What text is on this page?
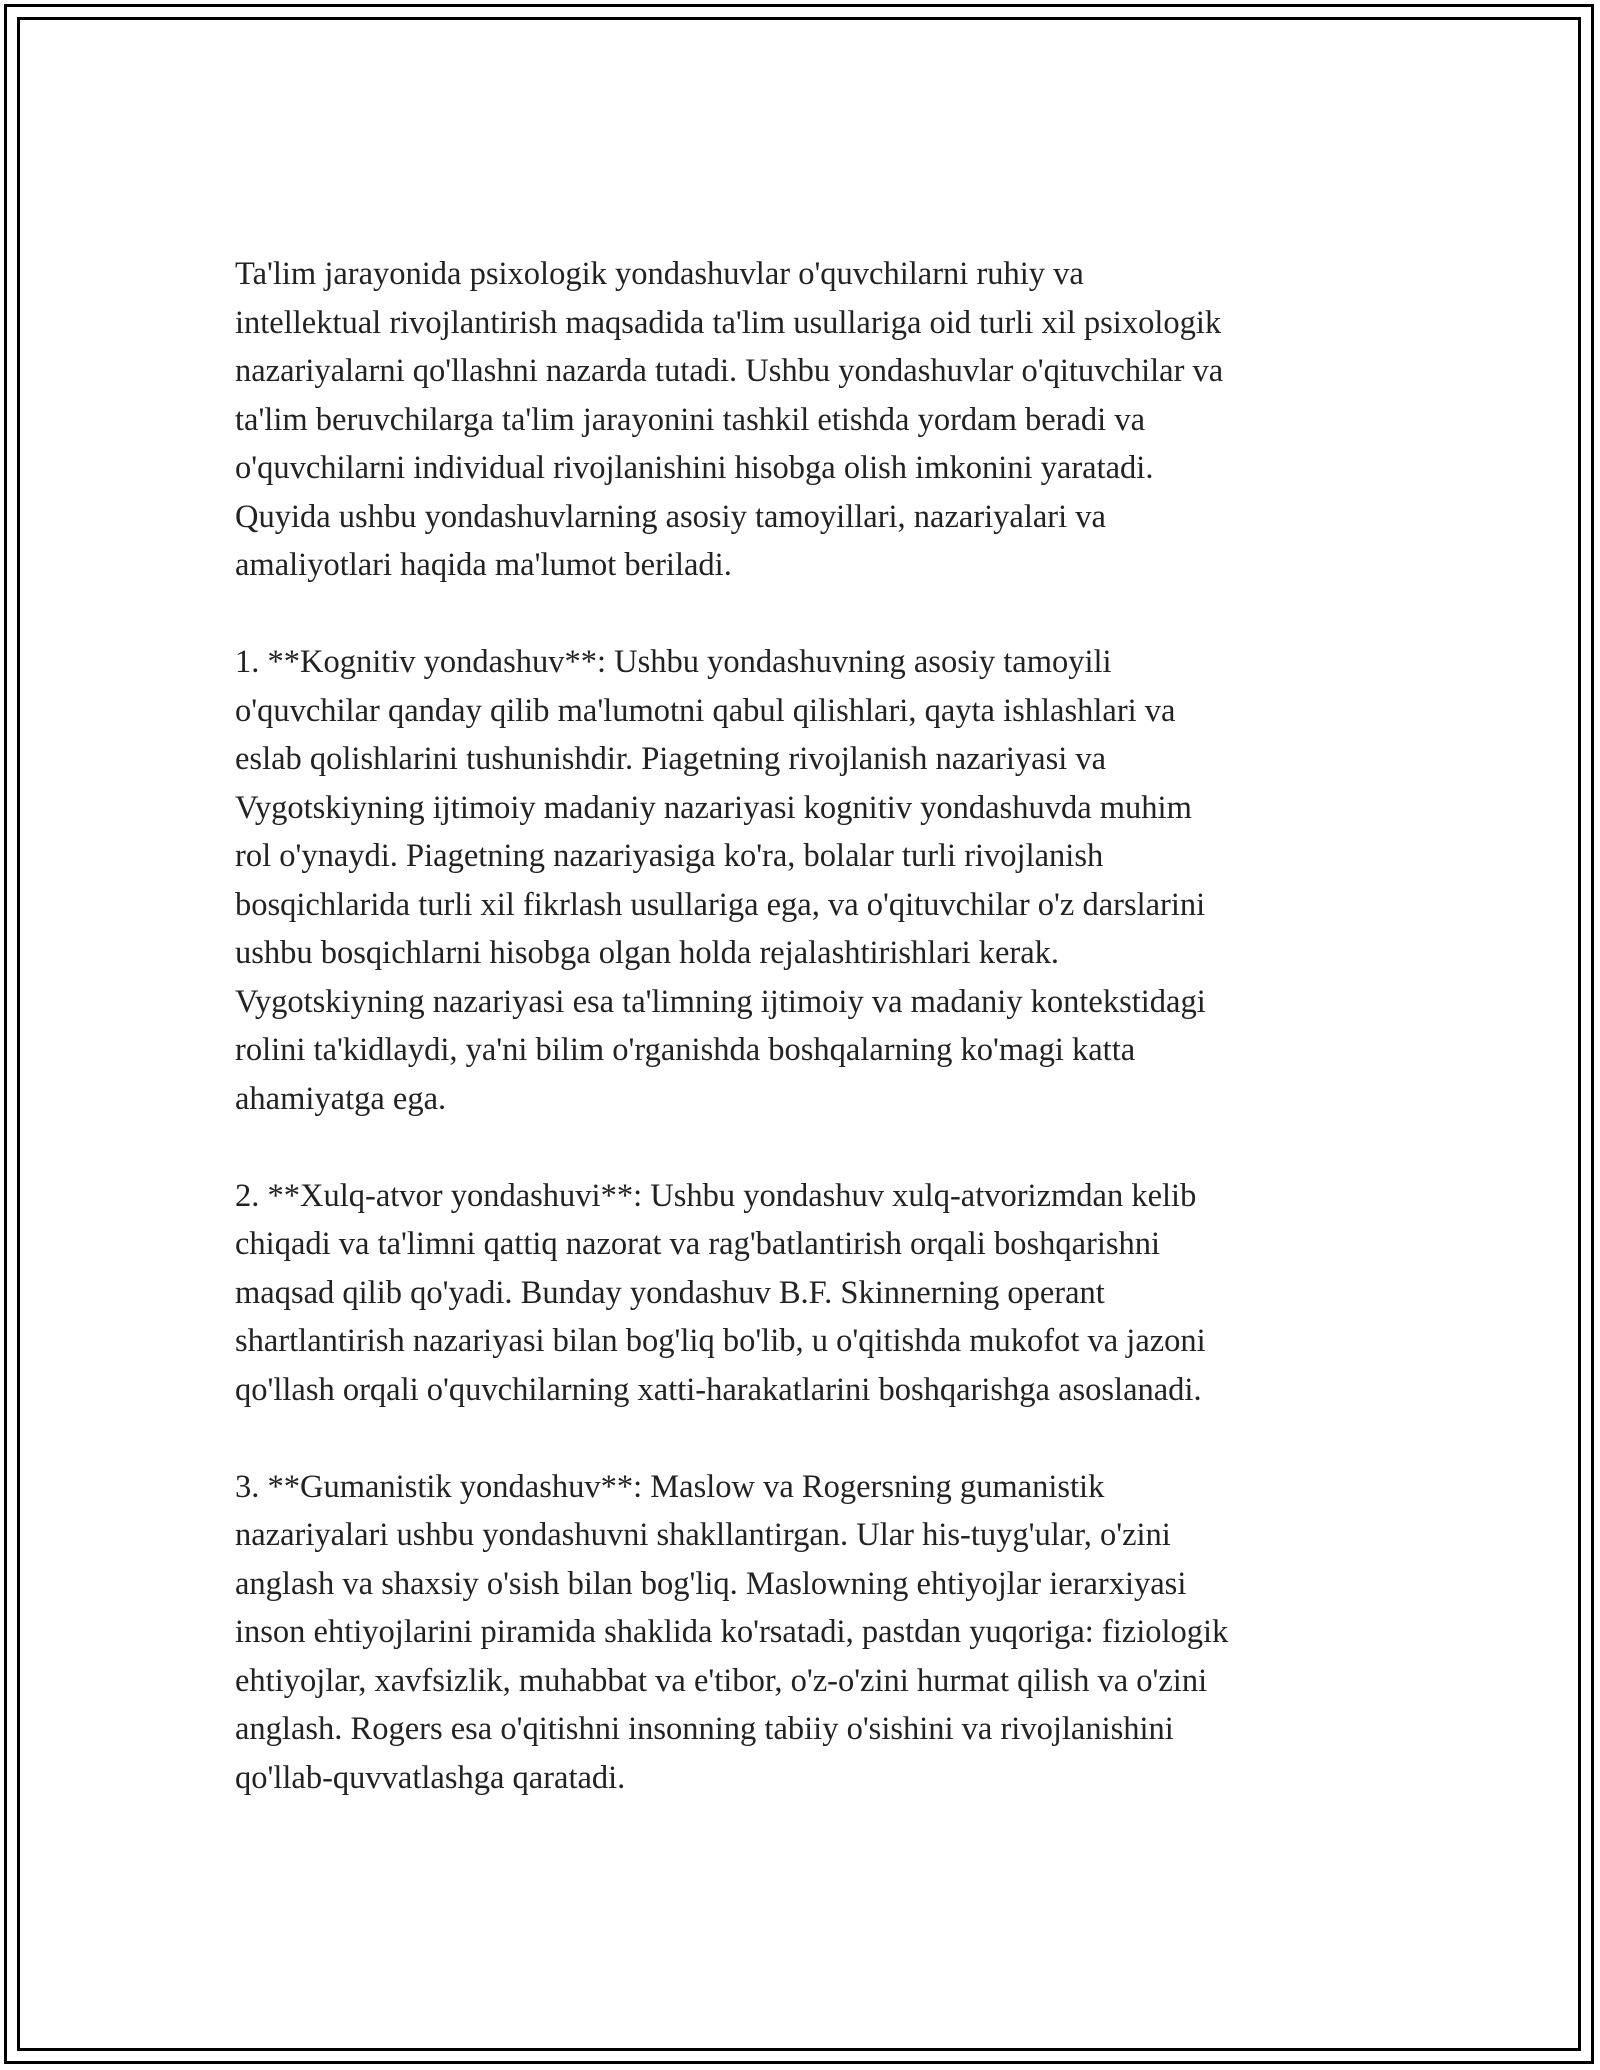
Ta'lim jarayonida psixologik yondashuvlar o'quvchilarni ruhiy va
intellektual rivojlantirish maqsadida ta'lim usullariga oid turli xil psixologik
nazariyalarni qo'llashni nazarda tutadi. Ushbu yondashuvlar o'qituvchilar va
ta'lim beruvchilarga ta'lim jarayonini tashkil etishda yordam beradi va
o'quvchilarni individual rivojlanishini hisobga olish imkonini yaratadi.
Quyida ushbu yondashuvlarning asosiy tamoyillari, nazariyalari va
amaliyotlari haqida ma'lumot beriladi.

1. **Kognitiv yondashuv**: Ushbu yondashuvning asosiy tamoyili
o'quvchilar qanday qilib ma'lumotni qabul qilishlari, qayta ishlashlari va
eslab qolishlarini tushunishdir. Piagetning rivojlanish nazariyasi va
Vygotskiyning ijtimoiy madaniy nazariyasi kognitiv yondashuvda muhim
rol o'ynaydi. Piagetning nazariyasiga ko'ra, bolalar turli rivojlanish
bosqichlarida turli xil fikrlash usullariga ega, va o'qituvchilar o'z darslarini
ushbu bosqichlarni hisobga olgan holda rejalashtirishlari kerak.
Vygotskiyning nazariyasi esa ta'limning ijtimoiy va madaniy kontekstidagi
rolini ta'kidlaydi, ya'ni bilim o'rganishda boshqalarning ko'magi katta
ahamiyatga ega.

2. **Xulq-atvor yondashuvi**: Ushbu yondashuv xulq-atvorizmdan kelib
chiqadi va ta'limni qattiq nazorat va rag'batlantirish orqali boshqarishni
maqsad qilib qo'yadi. Bunday yondashuv B.F. Skinnerning operant
shartlantirish nazariyasi bilan bog'liq bo'lib, u o'qitishda mukofot va jazoni
qo'llash orqali o'quvchilarning xatti-harakatlarini boshqarishga asoslanadi.

3. **Gumanistik yondashuv**: Maslow va Rogersning gumanistik
nazariyalari ushbu yondashuvni shakllantirgan. Ular his-tuyg'ular, o'zini
anglash va shaxsiy o'sish bilan bog'liq. Maslowning ehtiyojlar ierarxiyasi
inson ehtiyojlarini piramida shaklida ko'rsatadi, pastdan yuqoriga: fiziologik
ehtiyojlar, xavfsizlik, muhabbat va e'tibor, o'z-o'zini hurmat qilish va o'zini
anglash. Rogers esa o'qitishni insonning tabiiy o'sishini va rivojlanishini
qo'llab-quvvatlashga qaratadi.
